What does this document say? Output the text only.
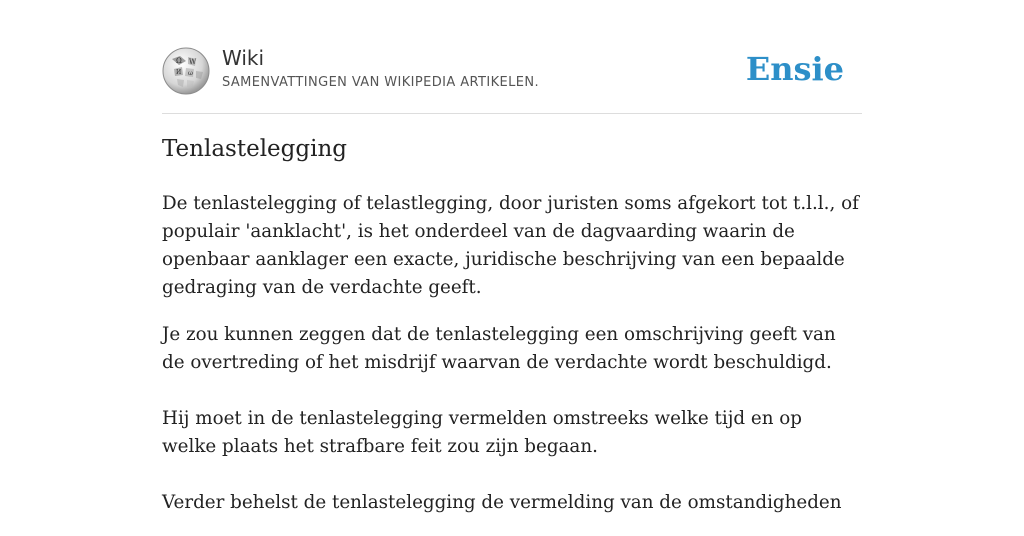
Ω W
И ω
Wiki
SAMENVATTINGEN VAN WIKIPEDIA ARTIKELEN.	Ensie
Tenlastelegging

De tenlastelegging of telastlegging, door juristen soms afgekort tot t.l.l., of populair 'aanklacht', is het onderdeel van de dagvaarding waarin de openbaar aanklager een exacte, juridische beschrijving van een bepaalde gedraging van de verdachte geeft.

Je zou kunnen zeggen dat de tenlastelegging een omschrijving geeft van de overtreding of het misdrijf waarvan de verdachte wordt beschuldigd.

Hij moet in de tenlastelegging vermelden omstreeks welke tijd en op welke plaats het strafbare feit zou zijn begaan.

Verder behelst de tenlastelegging de vermelding van de omstandigheden
